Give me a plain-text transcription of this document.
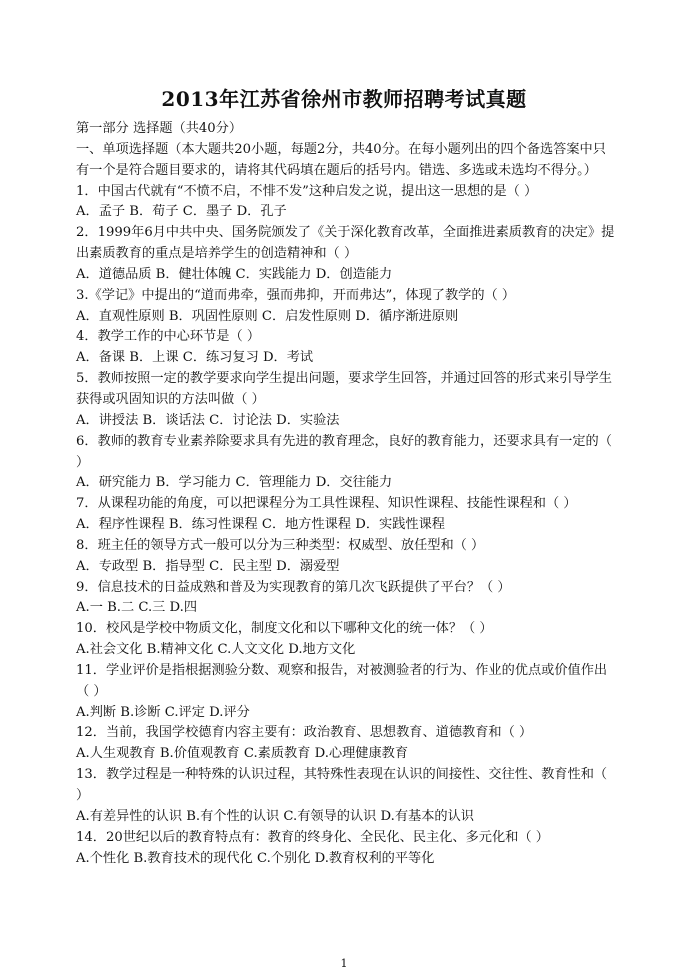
2013年江苏省徐州市教师招聘考试真题

第一部分 选择题（共40分）

一、单项选择题（本大题共20小题，每题2分，共40分。在每小题列出的四个备选答案中只有一个是符合题目要求的，请将其代码填在题后的括号内。错选、多选或未选均不得分。）

1．中国古代就有“不愤不启，不悱不发”这种启发之说，提出这一思想的是（ ）

A．孟子 B．荀子 C．墨子 D．孔子

2．1999年6月中共中央、国务院颁发了《关于深化教育改革，全面推进素质教育的决定》提出素质教育的重点是培养学生的创造精神和（ ）

A．道德品质 B．健壮体魄 C．实践能力 D．创造能力

3.《学记》中提出的“道而弗牵，强而弗抑，开而弗达”，体现了教学的（ ）

A．直观性原则 B．巩固性原则 C．启发性原则 D．循序渐进原则

4．教学工作的中心环节是（ ）

A．备课 B．上课 C．练习复习 D．考试

5．教师按照一定的教学要求向学生提出问题，要求学生回答，并通过回答的形式来引导学生获得或巩固知识的方法叫做（ ）

A．讲授法 B．谈话法 C．讨论法 D．实验法

6．教师的教育专业素养除要求具有先进的教育理念，良好的教育能力，还要求具有一定的（ ）

A．研究能力 B．学习能力 C．管理能力 D．交往能力

7．从课程功能的角度，可以把课程分为工具性课程、知识性课程、技能性课程和（ ）

A．程序性课程 B．练习性课程 C．地方性课程 D．实践性课程

8．班主任的领导方式一般可以分为三种类型：权威型、放任型和（ ）

A．专政型 B．指导型 C．民主型 D．溺爱型

9．信息技术的日益成熟和普及为实现教育的第几次飞跃提供了平台？（ ）

A.一 B.二 C.三 D.四

10．校风是学校中物质文化，制度文化和以下哪种文化的统一体？（ ）

A.社会文化 B.精神文化 C.人文文化 D.地方文化

11．学业评价是指根据测验分数、观察和报告，对被测验者的行为、作业的优点或价值作出（ ）

A.判断 B.诊断 C.评定 D.评分

12．当前，我国学校德育内容主要有：政治教育、思想教育、道德教育和（ ）

A.人生观教育 B.价值观教育 C.素质教育 D.心理健康教育

13．教学过程是一种特殊的认识过程，其特殊性表现在认识的间接性、交往性、教育性和（ ）

A.有差异性的认识 B.有个性的认识 C.有领导的认识 D.有基本的认识

14．20世纪以后的教育特点有：教育的终身化、全民化、民主化、多元化和（ ）

A.个性化 B.教育技术的现代化 C.个别化 D.教育权利的平等化

1
